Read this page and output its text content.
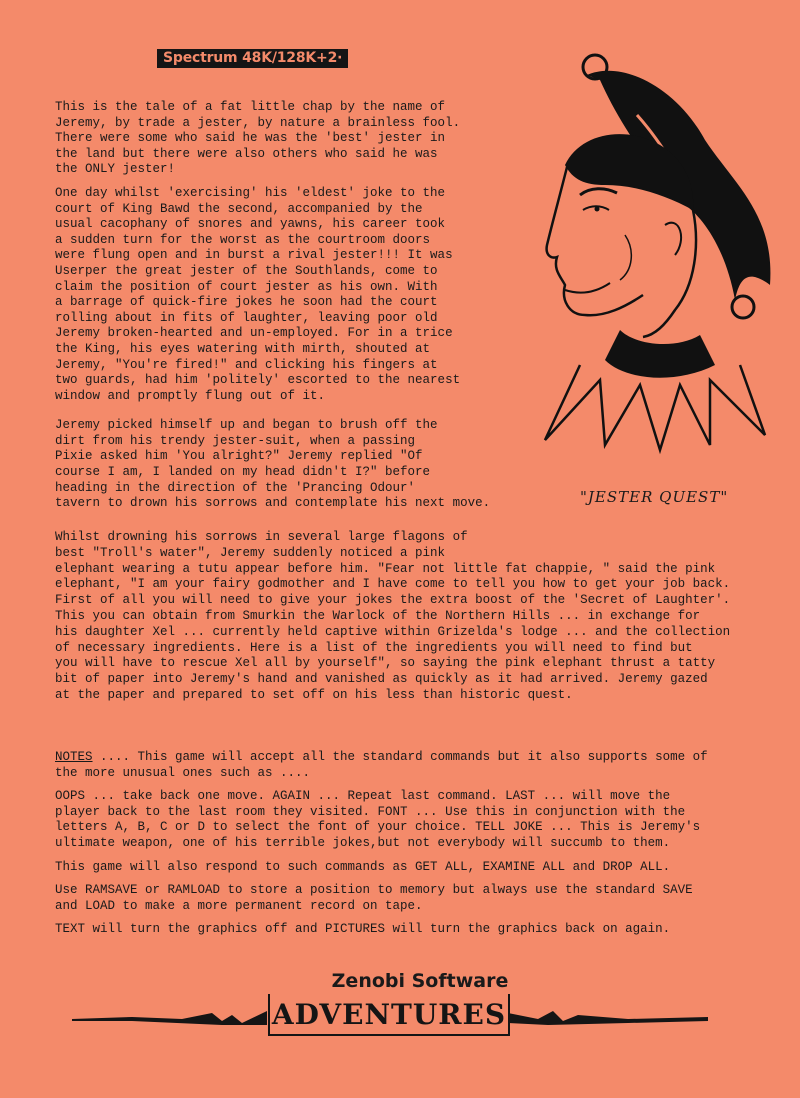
Spectrum 48K/128K+2·

This is the tale of a fat little chap by the name of
Jeremy, by trade a jester, by nature a brainless fool.
There were some who said he was the 'best' jester in
the land but there were also others who said he was
the ONLY jester!

One day whilst 'exercising' his 'eldest' joke to the
court of King Bawd the second, accompanied by the
usual cacophany of snores and yawns, his career took
a sudden turn for the worst as the courtroom doors
were flung open and in burst a rival jester!!! It was
Userper the great jester of the Southlands, come to
claim the position of court jester as his own. With
a barrage of quick-fire jokes he soon had the court
rolling about in fits of laughter, leaving poor old
Jeremy broken-hearted and un-employed. For in a trice
the King, his eyes watering with mirth, shouted at
Jeremy, "You're fired!" and clicking his fingers at
two guards, had him 'politely' escorted to the nearest
window and promptly flung out of it.

Jeremy picked himself up and began to brush off the
dirt from his trendy jester-suit, when a passing
Pixie asked him 'You alright?" Jeremy replied "Of
course I am, I landed on my head didn't I?" before
heading in the direction of the 'Prancing Odour'
tavern to drown his sorrows and contemplate his next move.	"JESTER QUEST"

Whilst drowning his sorrows in several large flagons of
best "Troll's water", Jeremy suddenly noticed a pink
elephant wearing a tutu appear before him. "Fear not little fat chappie, " said the pink
elephant, "I am your fairy godmother and I have come to tell you how to get your job back.
First of all you will need to give your jokes the extra boost of the 'Secret of Laughter'.
This you can obtain from Smurkin the Warlock of the Northern Hills ... in exchange for
his daughter Xel ... currently held captive within Grizelda's lodge ... and the collection
of necessary ingredients. Here is a list of the ingredients you will need to find but
you will have to rescue Xel all by yourself", so saying the pink elephant thrust a tatty
bit of paper into Jeremy's hand and vanished as quickly as it had arrived. Jeremy gazed
at the paper and prepared to set off on his less than historic quest.

NOTES .... This game will accept all the standard commands but it also supports some of
the more unusual ones such as ....

OOPS ... take back one move. AGAIN ... Repeat last command. LAST ... will move the
player back to the last room they visited. FONT ... Use this in conjunction with the
letters A, B, C or D to select the font of your choice. TELL JOKE ... This is Jeremy's
ultimate weapon, one of his terrible jokes,but not everybody will succumb to them.

This game will also respond to such commands as GET ALL, EXAMINE ALL and DROP ALL.

Use RAMSAVE or RAMLOAD to store a position to memory but always use the standard SAVE
and LOAD to make a more permanent record on tape.

TEXT will turn the graphics off and PICTURES will turn the graphics back on again.

Zenobi Software
ADVENTURES
